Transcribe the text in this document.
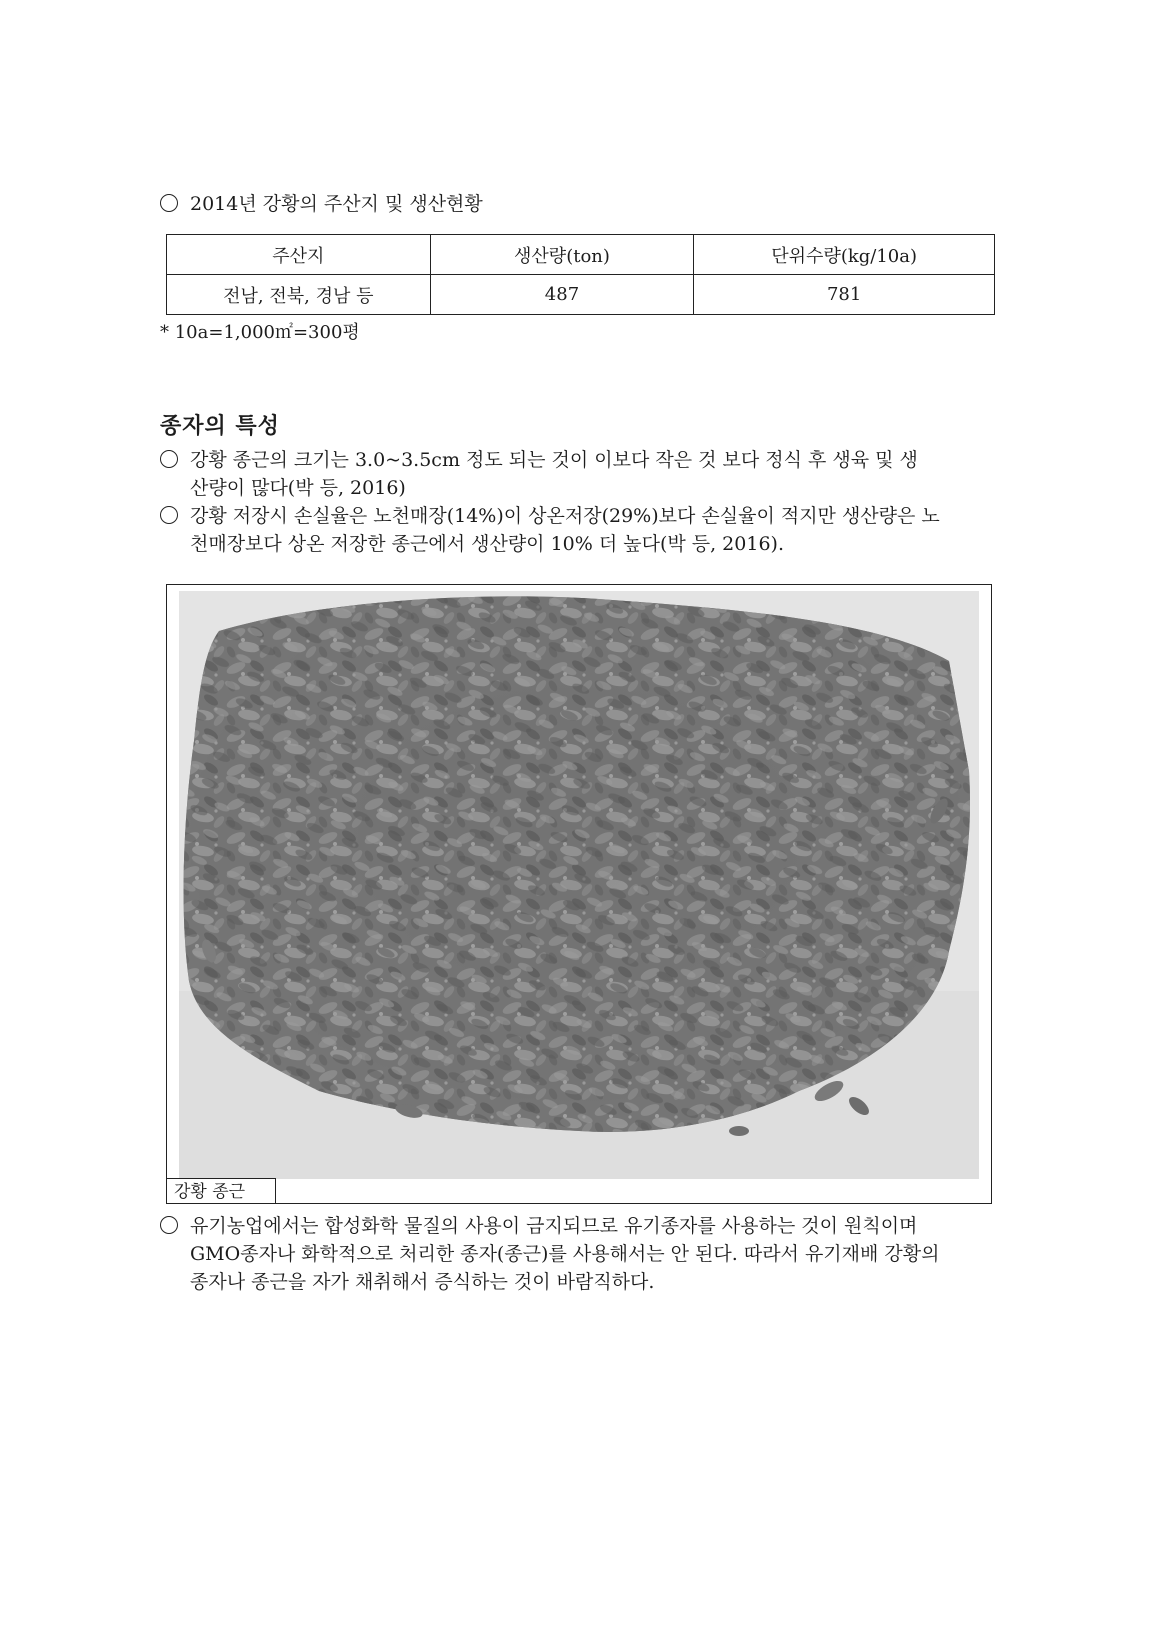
2014년 강황의 주산지 및 생산현황
주산지	생산량(ton)	단위수량(kg/10a)
전남, 전북, 경남 등	487	781
* 10a=1,000㎡=300평
종자의 특성
강황 종근의 크기는 3.0~3.5cm 정도 되는 것이 이보다 작은 것 보다 정식 후 생육 및 생
산량이 많다(박 등, 2016)
강황 저장시 손실율은 노천매장(14%)이 상온저장(29%)보다 손실율이 적지만 생산량은 노
천매장보다 상온 저장한 종근에서 생산량이 10% 더 높다(박 등, 2016).
강황 종근
유기농업에서는 합성화학 물질의 사용이 금지되므로 유기종자를 사용하는 것이 원칙이며
GMO종자나 화학적으로 처리한 종자(종근)를 사용해서는 안 된다. 따라서 유기재배 강황의
종자나 종근을 자가 채취해서 증식하는 것이 바람직하다.
